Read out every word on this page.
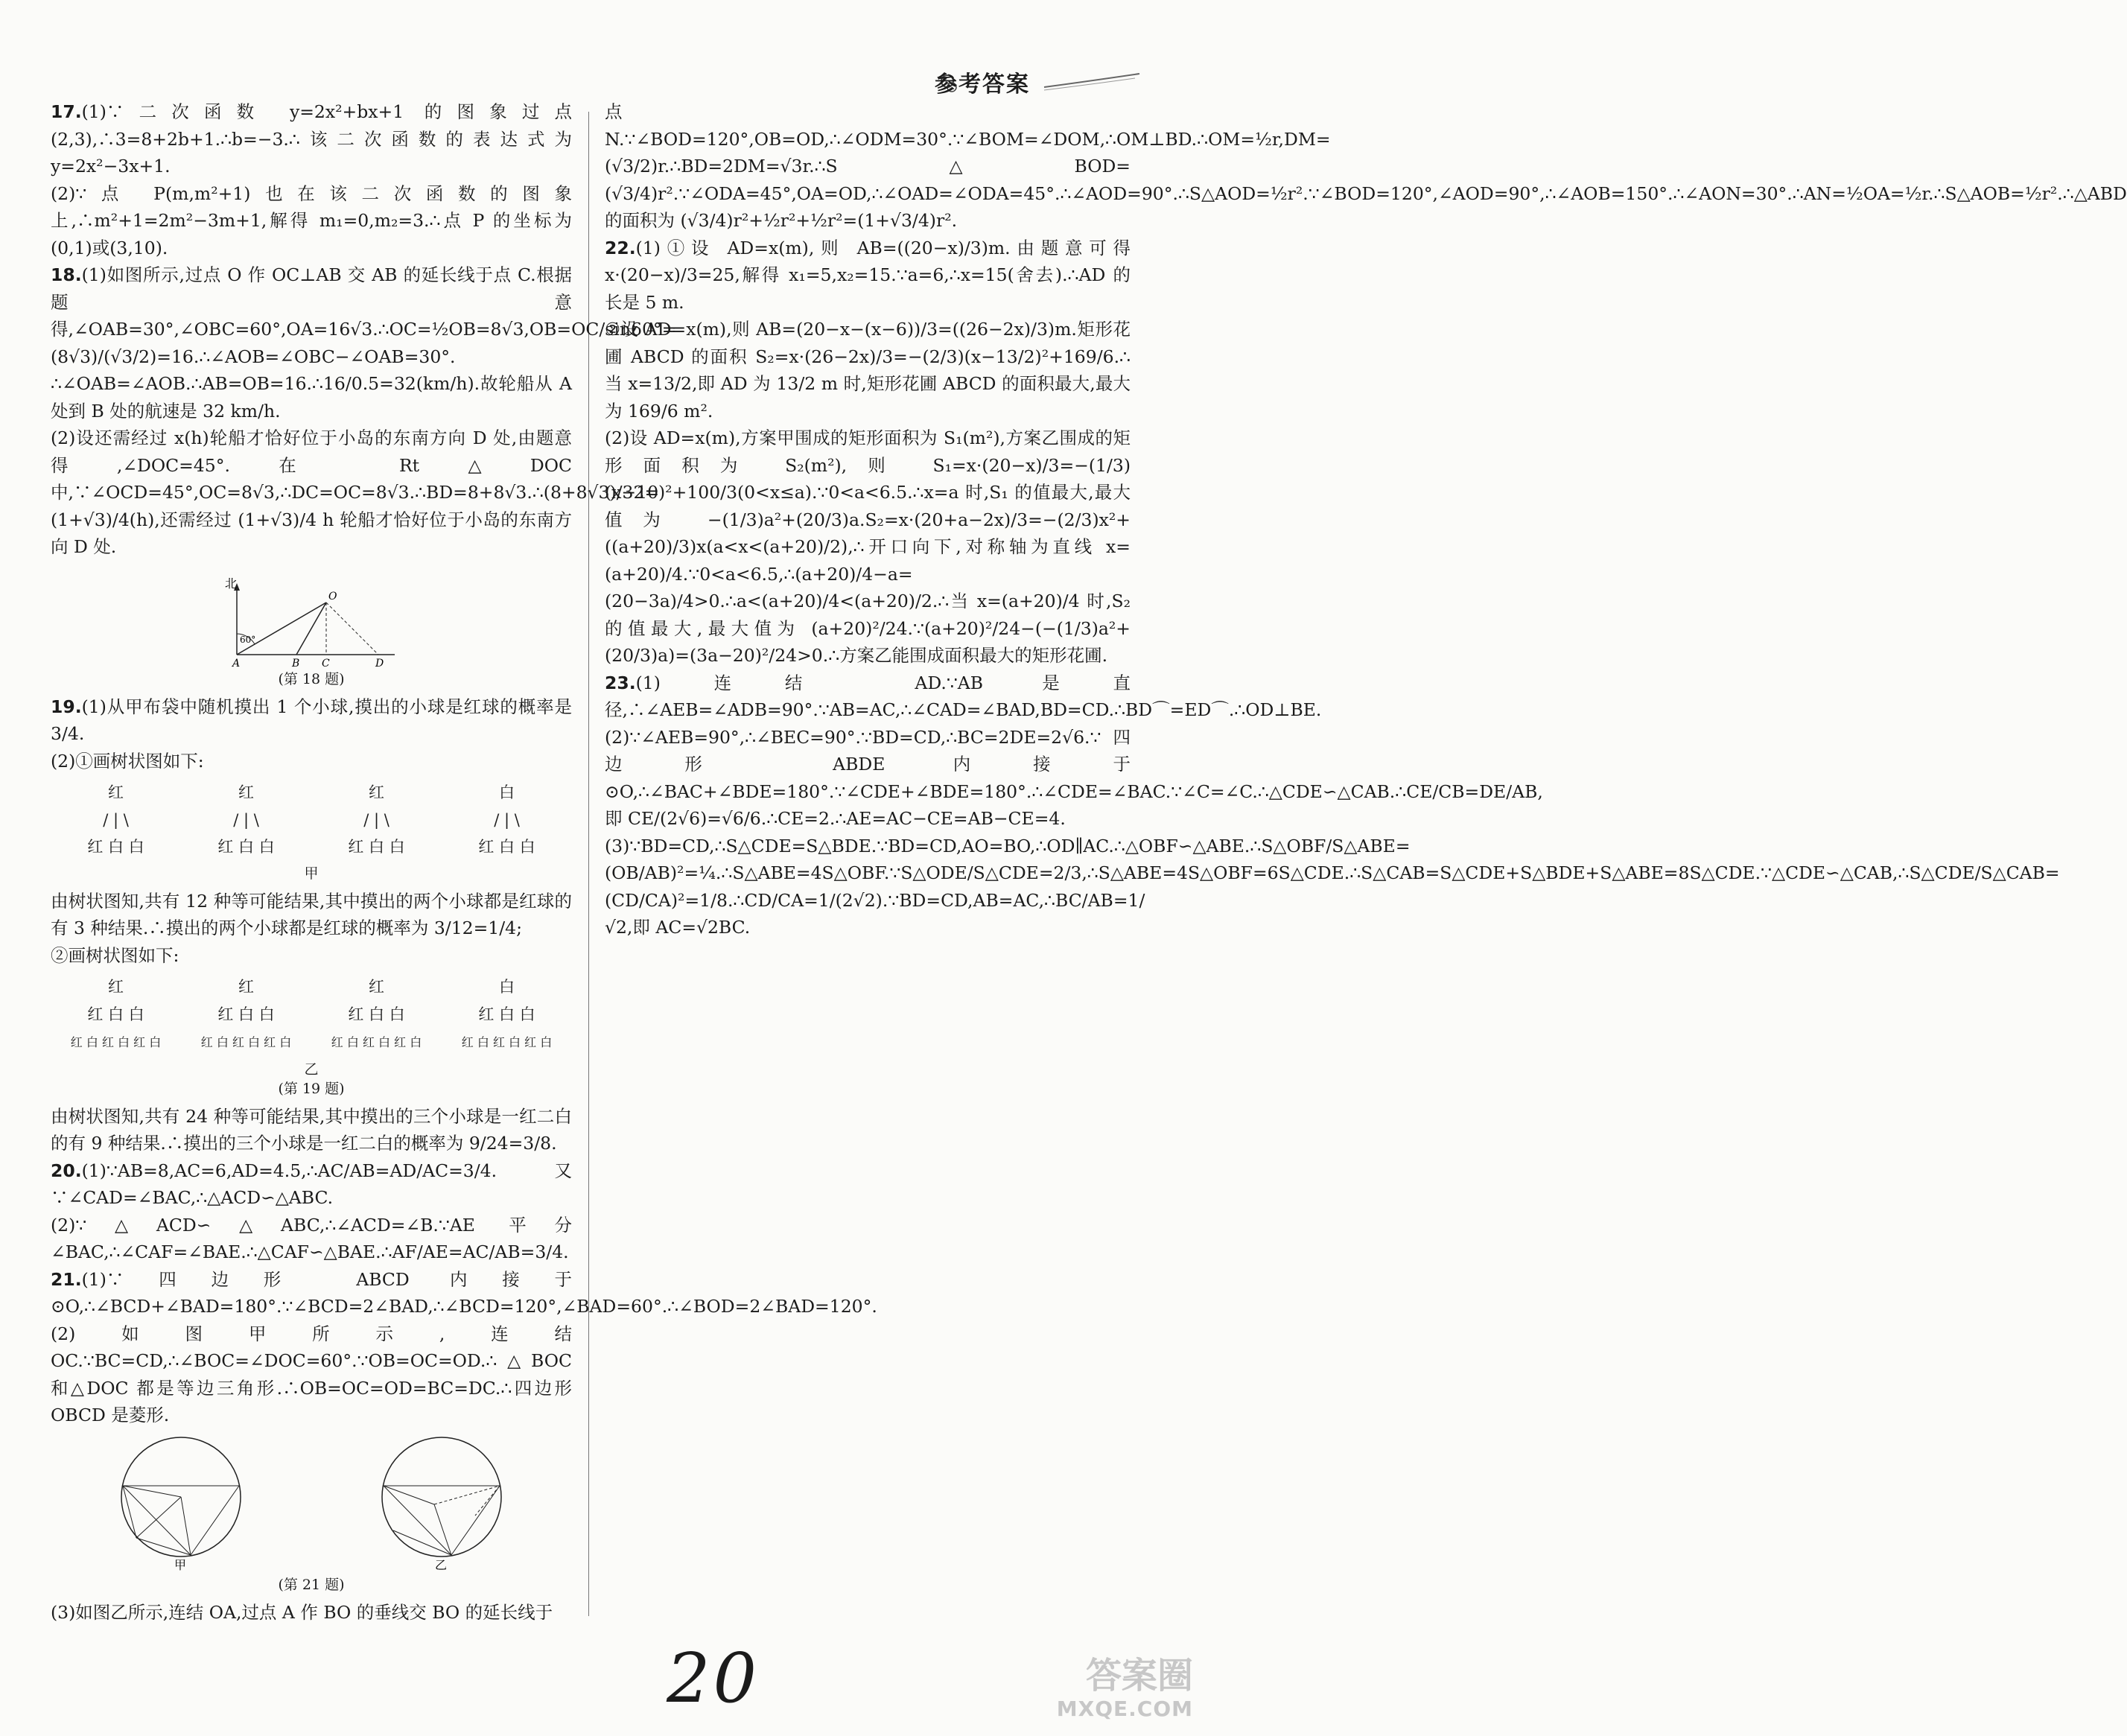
参考答案

17.(1)∵二次函数 y=2x²+bx+1 的图象过点(2,3),∴3=8+2b+1.∴b=−3.∴该二次函数的表达式为 y=2x²−3x+1.
(2)∵点 P(m,m²+1)也在该二次函数的图象上,∴m²+1=2m²−3m+1,解得 m₁=0,m₂=3.∴点 P 的坐标为(0,1)或(3,10).

18.(1)如图所示,过点 O 作 OC⊥AB 交 AB 的延长线于点 C.根据题意得,∠OAB=30°,∠OBC=60°,OA=16√3.∴OC=½OB=8√3,OB=OC/sin60°=(8√3)/(√3/2)=16.∴∠AOB=∠OBC−∠OAB=30°.
∴∠OAB=∠AOB.∴AB=OB=16.∴16/0.5=32(km/h).故轮船从 A 处到 B 处的航速是 32 km/h.
(2)设还需经过 x(h)轮船才恰好位于小岛的东南方向 D 处,由题意得,∠DOC=45°.在 Rt△DOC 中,∵∠OCD=45°,OC=8√3,∴DC=OC=8√3.∴BD=8+8√3.∴(8+8√3)/32=(1+√3)/4(h),还需经过 (1+√3)/4 h 轮船才恰好位于小岛的东南方向 D 处.

北
60°
A	B C	D
O
(第 18 题)

19.(1)从甲布袋中随机摸出 1 个小球,摸出的小球是红球的概率是 3/4.
(2)①画树状图如下:

红
/ | \
红 白 白
红
/ | \
红 白 白
红
/ | \
红 白 白
白
/ | \
红 白 白
甲

由树状图知,共有 12 种等可能结果,其中摸出的两个小球都是红球的有 3 种结果.∴摸出的两个小球都是红球的概率为 3/12=1/4;
②画树状图如下:

红
红 白 白
红 白 红 白 红 白
红
红 白 白
红 白 红 白 红 白
红
红 白 白
红 白 红 白 红 白
白
红 白 白
红 白 红 白 红 白
乙
(第 19 题)

由树状图知,共有 24 种等可能结果,其中摸出的三个小球是一红二白的有 9 种结果.∴摸出的三个小球是一红二白的概率为 9/24=3/8.

20.(1)∵AB=8,AC=6,AD=4.5,∴AC/AB=AD/AC=3/4.又∵∠CAD=∠BAC,∴△ACD∽△ABC.
(2)∵△ACD∽△ABC,∴∠ACD=∠B.∵AE 平分∠BAC,∴∠CAF=∠BAE.∴△CAF∽△BAE.∴AF/AE=AC/AB=3/4.

21.(1)∵四边形 ABCD 内接于⊙O,∴∠BCD+∠BAD=180°.∵∠BCD=2∠BAD,∴∠BCD=120°,∠BAD=60°.∴∠BOD=2∠BAD=120°.
(2)如图甲所示,连结 OC.∵BC=CD,∴∠BOC=∠DOC=60°.∵OB=OC=OD.∴△BOC 和△DOC 都是等边三角形.∴OB=OC=OD=BC=DC.∴四边形 OBCD 是菱形.

甲	乙
(第 21 题)

(3)如图乙所示,连结 OA,过点 A 作 BO 的垂线交 BO 的延长线于

点 N.∵∠BOD=120°,OB=OD,∴∠ODM=30°.∵∠BOM=∠DOM,∴OM⊥BD.∴OM=½r,DM=(√3/2)r.∴BD=2DM=√3r.∴S△BOD=(√3/4)r².∵∠ODA=45°,OA=OD,∴∠OAD=∠ODA=45°.∴∠AOD=90°.∴S△AOD=½r².∵∠BOD=120°,∠AOD=90°,∴∠AOB=150°.∴∠AON=30°.∴AN=½OA=½r.∴S△AOB=½r².∴△ABD 的面积为 (√3/4)r²+½r²+½r²=(1+√3/4)r².

22.(1)①设 AD=x(m),则 AB=((20−x)/3)m.由题意可得 x·(20−x)/3=25,解得 x₁=5,x₂=15.∵a=6,∴x=15(舍去).∴AD 的长是 5 m.
②设 AD=x(m),则 AB=(20−x−(x−6))/3=((26−2x)/3)m.矩形花圃 ABCD 的面积 S₂=x·(26−2x)/3=−(2/3)(x−13/2)²+169/6.∴当 x=13/2,即 AD 为 13/2 m 时,矩形花圃 ABCD 的面积最大,最大为 169/6 m².
(2)设 AD=x(m),方案甲围成的矩形面积为 S₁(m²),方案乙围成的矩形面积为 S₂(m²),则 S₁=x·(20−x)/3=−(1/3)(x−10)²+100/3(0<x≤a).∵0<a<6.5.∴x=a 时,S₁ 的值最大,最大值为 −(1/3)a²+(20/3)a.S₂=x·(20+a−2x)/3=−(2/3)x²+((a+20)/3)x(a<x<(a+20)/2),∴开口向下,对称轴为直线 x=(a+20)/4.∵0<a<6.5,∴(a+20)/4−a=(20−3a)/4>0.∴a<(a+20)/4<(a+20)/2.∴当 x=(a+20)/4 时,S₂ 的值最大,最大值为 (a+20)²/24.∵(a+20)²/24−(−(1/3)a²+(20/3)a)=(3a−20)²/24>0.∴方案乙能围成面积最大的矩形花圃.

23.(1)连结 AD.∵AB 是直径,∴∠AEB=∠ADB=90°.∵AB=AC,∴∠CAD=∠BAD,BD=CD.∴BD⌒=ED⌒.∴OD⊥BE.
(2)∵∠AEB=90°,∴∠BEC=90°.∵BD=CD,∴BC=2DE=2√6.∵四边形 ABDE 内接于⊙O,∴∠BAC+∠BDE=180°.∵∠CDE+∠BDE=180°.∴∠CDE=∠BAC.∵∠C=∠C.∴△CDE∽△CAB.∴CE/CB=DE/AB,即 CE/(2√6)=√6/6.∴CE=2.∴AE=AC−CE=AB−CE=4.
(3)∵BD=CD,∴S△CDE=S△BDE.∵BD=CD,AO=BO,∴OD∥AC.∴△OBF∽△ABE.∴S△OBF/S△ABE=(OB/AB)²=¼.∴S△ABE=4S△OBF.∵S△ODE/S△CDE=2/3,∴S△ABE=4S△OBF=6S△CDE.∴S△CAB=S△CDE+S△BDE+S△ABE=8S△CDE.∵△CDE∽△CAB,∴S△CDE/S△CAB=(CD/CA)²=1/8.∴CD/CA=1/(2√2).∵BD=CD,AB=AC,∴BC/AB=1/√2,即 AC=√2BC.

20	答案圈
MXQE.COM
